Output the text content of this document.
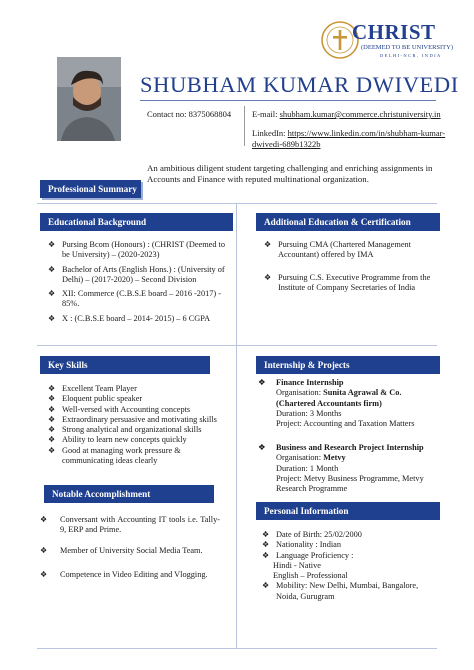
CHRIST
(DEEMED TO BE UNIVERSITY)
DELHI-NCR, INDIA
SHUBHAM KUMAR DWIVEDI
Contact no: 8375068804 E-mail: shubham.kumar@commerce.christuniversity.in
LinkedIn: https://www.linkedin.com/in/shubham-kumar-dwivedi-689b1322b
Professional Summary
An ambitious diligent student targeting challenging and enriching assignments in Accounts and Finance with reputed multinational organization.
Educational Background
❖ Pursing Bcom (Honours) : (CHRIST (Deemed to be University) – (2020-2023)
❖ Bachelor of Arts (English Hons.) : (University of Delhi) – (2017-2020) – Second Division
❖ XII: Commerce (C.B.S.E board – 2016 -2017) - 85%.
❖ X : (C.B.S.E board – 2014- 2015) – 6 CGPA
Additional Education & Certification
❖ Pursuing CMA (Chartered Management Accountant) offered by IMA
❖ Pursuing C.S. Executive Programme from the Institute of Company Secretaries of India
Key Skills
❖ Excellent Team Player
❖ Eloquent public speaker
❖ Well-versed with Accounting concepts
❖ Extraordinary persuasive and motivating skills
❖ Strong analytical and organizational skills
❖ Ability to learn new concepts quickly
❖ Good at managing work pressure & communicating ideas clearly
Internship & Projects
❖ Finance Internship
Organisation: Sunita Agrawal & Co. (Chartered Accountants firm)
Duration: 3 Months
Project: Accounting and Taxation Matters
❖ Business and Research Project Internship
Organisation: Metvy
Duration: 1 Month
Project: Metvy Business Programme, Metvy Research Programme
Notable Accomplishment
❖ Conversant with Accounting IT tools i.e. Tally-9, ERP and Prime.
❖ Member of University Social Media Team.
❖ Competence in Video Editing and Vlogging.
Personal Information
❖ Date of Birth: 25/02/2000
❖ Nationality : Indian
❖ Language Proficiency :
Hindi - Native
English – Professional
❖ Mobility: New Delhi, Mumbai, Bangalore, Noida, Gurugram
